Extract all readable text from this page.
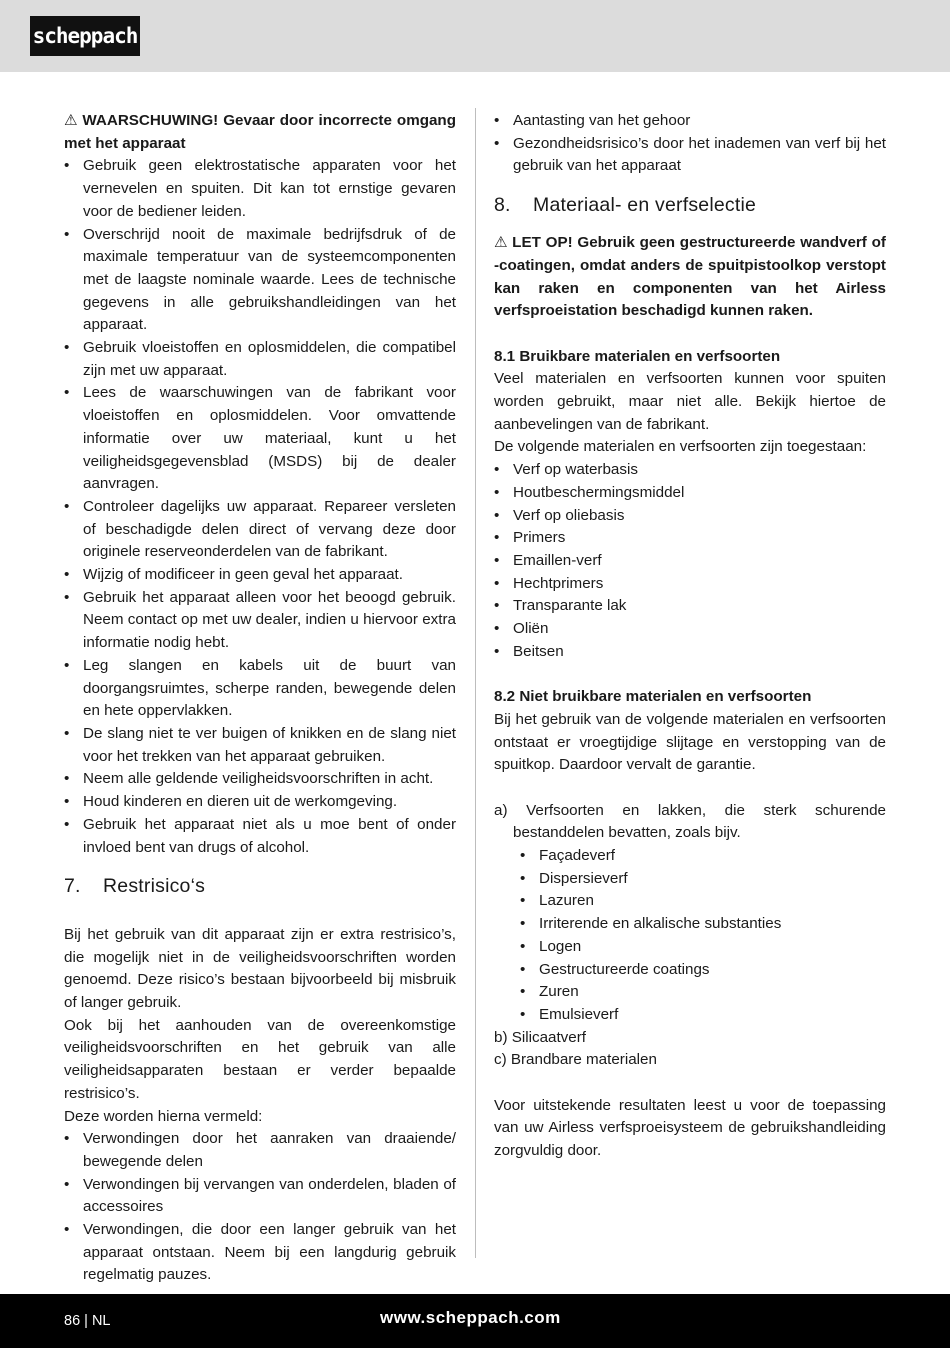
scheppach

⚠ WAARSCHUWING! Gevaar door incorrecte omgang met het apparaat

• Gebruik geen elektrostatische apparaten voor het vernevelen en spuiten. Dit kan tot ernstige gevaren voor de bediener leiden.
• Overschrijd nooit de maximale bedrijfsdruk of de maximale temperatuur van de systeemcomponenten met de laagste nominale waarde. Lees de technische gegevens in alle gebruikshandleidingen van het apparaat.
• Gebruik vloeistoffen en oplosmiddelen, die compatibel zijn met uw apparaat.
• Lees de waarschuwingen van de fabrikant voor vloeistoffen en oplosmiddelen. Voor omvattende informatie over uw materiaal, kunt u het veiligheidsgegevensblad (MSDS) bij de dealer aanvragen.
• Controleer dagelijks uw apparaat. Repareer versleten of beschadigde delen direct of vervang deze door originele reserveonderdelen van de fabrikant.
• Wijzig of modificeer in geen geval het apparaat.
• Gebruik het apparaat alleen voor het beoogd gebruik. Neem contact op met uw dealer, indien u hiervoor extra informatie nodig hebt.
• Leg slangen en kabels uit de buurt van doorgangsruimtes, scherpe randen, bewegende delen en hete oppervlakken.
• De slang niet te ver buigen of knikken en de slang niet voor het trekken van het apparaat gebruiken.
• Neem alle geldende veiligheidsvoorschriften in acht.
• Houd kinderen en dieren uit de werkomgeving.
• Gebruik het apparaat niet als u moe bent of onder invloed bent van drugs of alcohol.
7. Restrisico‘s

Bij het gebruik van dit apparaat zijn er extra restrisico’s, die mogelijk niet in de veiligheidsvoorschriften worden genoemd. Deze risico’s bestaan bijvoorbeeld bij misbruik of langer gebruik.

Ook bij het aanhouden van de overeenkomstige veiligheidsvoorschriften en het gebruik van alle veiligheidsapparaten bestaan er verder bepaalde restrisico’s.

Deze worden hierna vermeld:

• Verwondingen door het aanraken van draaiende/ bewegende delen
• Verwondingen bij vervangen van onderdelen, bladen of accessoires
• Verwondingen, die door een langer gebruik van het apparaat ontstaan. Neem bij een langdurig gebruik regelmatig pauzes.
• Aantasting van het gehoor
• Gezondheidsrisico’s door het inademen van verf bij het gebruik van het apparaat
8. Materiaal- en verfselectie

⚠ LET OP! Gebruik geen gestructureerde wandverf of -coatingen, omdat anders de spuitpistoolkop verstopt kan raken en componenten van het Airless verfsproeistation beschadigd kunnen raken.

8.1 Bruikbare materialen en verfsoorten

Veel materialen en verfsoorten kunnen voor spuiten worden gebruikt, maar niet alle. Bekijk hiertoe de aanbevelingen van de fabrikant.

De volgende materialen en verfsoorten zijn toegestaan:

• Verf op waterbasis
• Houtbeschermingsmiddel
• Verf op oliebasis
• Primers
• Emaillen-verf
• Hechtprimers
• Transparante lak
• Oliën
• Beitsen

8.2 Niet bruikbare materialen en verfsoorten

Bij het gebruik van de volgende materialen en verfsoorten ontstaat er vroegtijdige slijtage en verstopping van de spuitkop. Daardoor vervalt de garantie.

a) Verfsoorten en lakken, die sterk schurende bestanddelen bevatten, zoals bijv.

• Façadeverf
• Dispersieverf
• Lazuren
• Irriterende en alkalische substanties
• Logen
• Gestructureerde coatings
• Zuren
• Emulsieverf

b) Silicaatverf

c) Brandbare materialen

Voor uitstekende resultaten leest u voor de toepassing van uw Airless verfsproeisysteem de gebruikshandleiding zorgvuldig door.

86 | NL	www.scheppach.com
